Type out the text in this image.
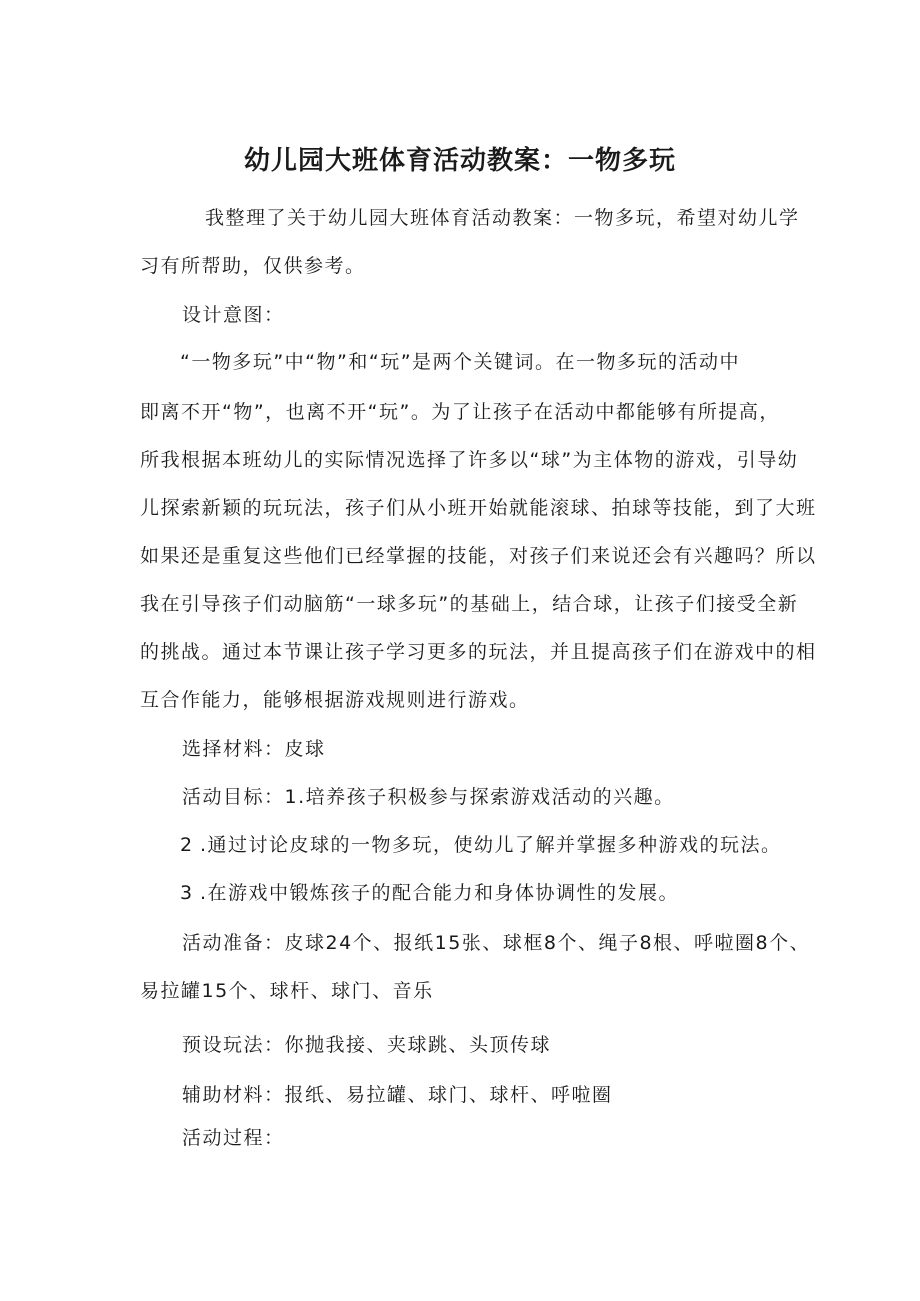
幼儿园大班体育活动教案：一物多玩
我整理了关于幼儿园大班体育活动教案：一物多玩，希望对幼儿学
习有所帮助，仅供参考。
设计意图：
“一物多玩”中“物”和“玩”是两个关键词。在一物多玩的活动中
即离不开“物”，也离不开“玩”。为了让孩子在活动中都能够有所提高，
所我根据本班幼儿的实际情况选择了许多以“球”为主体物的游戏，引导幼
儿探索新颖的玩玩法，孩子们从小班开始就能滚球、拍球等技能，到了大班
如果还是重复这些他们已经掌握的技能，对孩子们来说还会有兴趣吗？所以
我在引导孩子们动脑筋“一球多玩”的基础上，结合球，让孩子们接受全新
的挑战。通过本节课让孩子学习更多的玩法，并且提高孩子们在游戏中的相
互合作能力，能够根据游戏规则进行游戏。
选择材料：皮球
活动目标：1.培养孩子积极参与探索游戏活动的兴趣。
2 .通过讨论皮球的一物多玩，使幼儿了解并掌握多种游戏的玩法。
3 .在游戏中锻炼孩子的配合能力和身体协调性的发展。
活动准备：皮球24个、报纸15张、球框8个、绳子8根、呼啦圈8个、
易拉罐15个、球杆、球门、音乐
预设玩法：你抛我接、夹球跳、头顶传球
辅助材料：报纸、易拉罐、球门、球杆、呼啦圈
活动过程：
